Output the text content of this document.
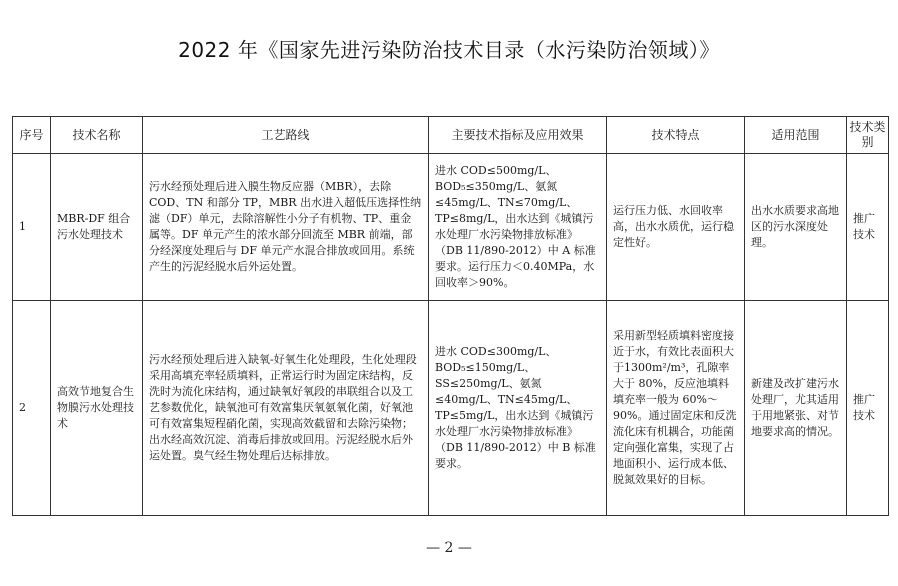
2022 年《国家先进污染防治技术目录（水污染防治领域）》
序号	技术名称	工艺路线	主要技术指标及应用效果	技术特点	适用范围	技术类别
1	MBR-DF 组合污水处理技术	污水经预处理后进入膜生物反应器（MBR），去除 COD、TN 和部分 TP，MBR 出水进入超低压选择性纳滤（DF）单元，去除溶解性小分子有机物、TP、重金属等。DF 单元产生的浓水部分回流至 MBR 前端，部分经深度处理后与 DF 单元产水混合排放或回用。系统产生的污泥经脱水后外运处置。	进水 COD≤500mg/L、BOD₅≤350mg/L、氨氮≤45mg/L、TN≤70mg/L、TP≤8mg/L，出水达到《城镇污水处理厂水污染物排放标准》（DB 11/890-2012）中 A 标准要求。运行压力＜0.40MPa，水回收率＞90%。	运行压力低、水回收率高，出水水质优，运行稳定性好。	出水水质要求高地区的污水深度处理。	推广技术
2	高效节地复合生物膜污水处理技术	污水经预处理后进入缺氧-好氧生化处理段，生化处理段采用高填充率轻质填料，正常运行时为固定床结构，反洗时为流化床结构，通过缺氧好氧段的串联组合以及工艺参数优化，缺氧池可有效富集厌氧氨氧化菌，好氧池可有效富集短程硝化菌，实现高效截留和去除污染物；出水经高效沉淀、消毒后排放或回用。污泥经脱水后外运处置。臭气经生物处理后达标排放。	进水 COD≤300mg/L、BOD₅≤150mg/L、SS≤250mg/L、氨氮≤40mg/L、TN≤45mg/L、TP≤5mg/L，出水达到《城镇污水处理厂水污染物排放标准》（DB 11/890-2012）中 B 标准要求。	采用新型轻质填料密度接近于水，有效比表面积大于1300m²/m³，孔隙率大于 80%，反应池填料填充率一般为 60%～90%。通过固定床和反洗流化床有机耦合，功能菌定向强化富集，实现了占地面积小、运行成本低、脱氮效果好的目标。	新建及改扩建污水处理厂，尤其适用于用地紧张、对节地要求高的情况。	推广技术
— 2 —
